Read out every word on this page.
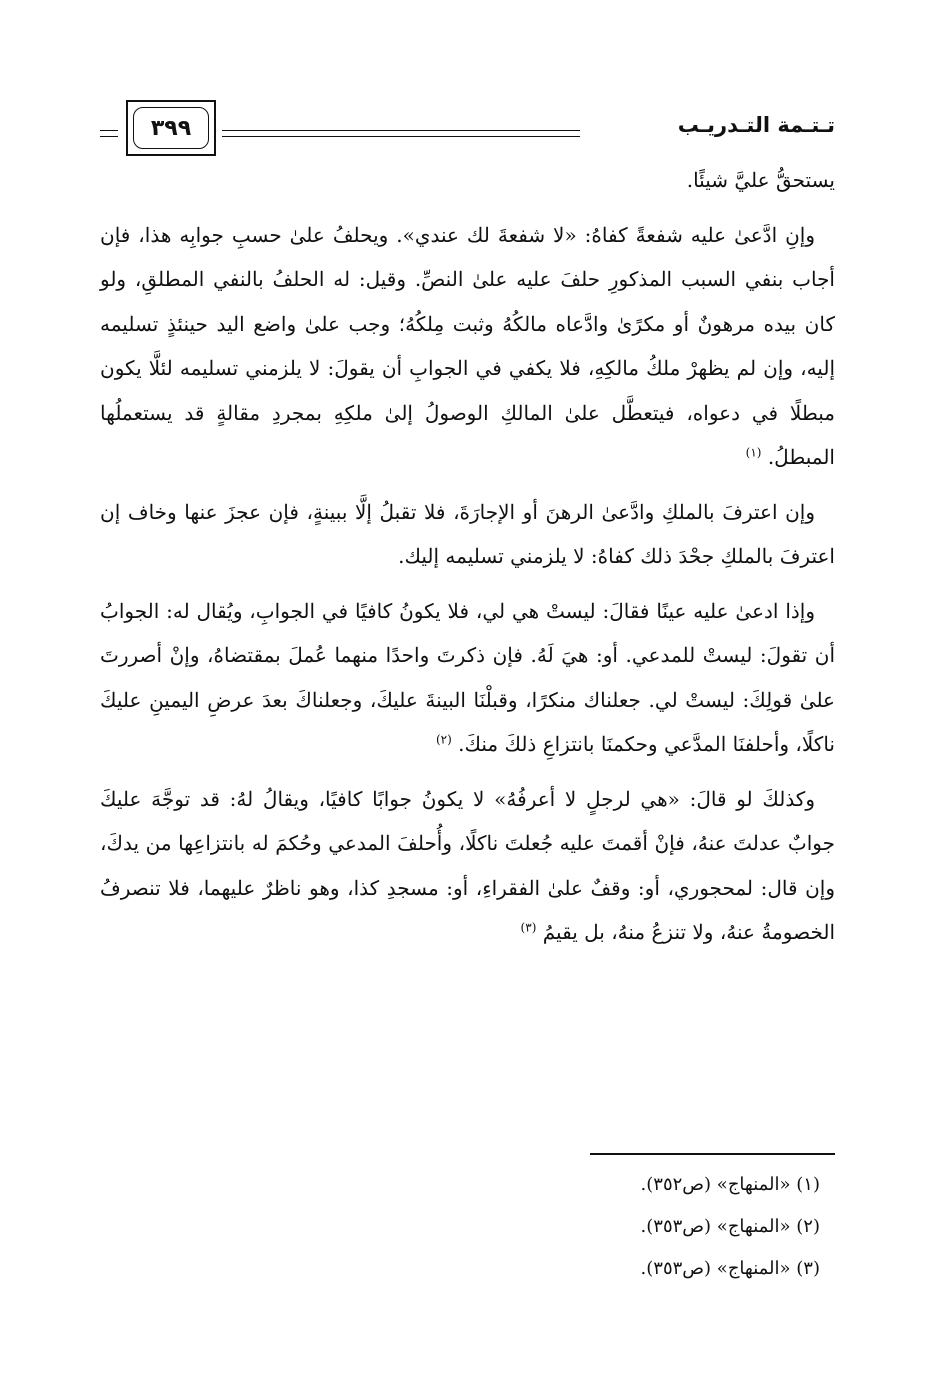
تـتـمة التـدريـب
٣٩٩

يستحقُّ عليَّ شيئًا.

وإنِ ادَّعىٰ عليه شفعةً كفاهُ: «لا شفعةَ لك عندي». ويحلفُ علىٰ حسبِ جوابِه هذا، فإن أجاب بنفي السبب المذكورِ حلفَ عليه علىٰ النصِّ. وقيل: له الحلفُ بالنفي المطلقِ، ولو كان بيده مرهونٌ أو مكرًىٰ وادَّعاه مالكُهُ وثبت مِلكُهُ؛ وجب علىٰ واضع اليد حينئذٍ تسليمه إليه، وإن لم يظهرْ ملكُ مالكِهِ، فلا يكفي في الجوابِ أن يقولَ: لا يلزمني تسليمه لئلَّا يكون مبطلًا في دعواه، فيتعطَّل علىٰ المالكِ الوصولُ إلىٰ ملكِهِ بمجردِ مقالةٍ قد يستعملُها المبطلُ. $^{(١)}$

وإن اعترفَ بالملكِ وادَّعىٰ الرهنَ أو الإجارَةَ، فلا تقبلُ إلَّا ببينةٍ، فإن عجزَ عنها وخاف إن اعترفَ بالملكِ جحْدَ ذلك كفاهُ: لا يلزمني تسليمه إليك.

وإذا ادعىٰ عليه عينًا فقالَ: ليستْ هي لي، فلا يكونُ كافيًا في الجوابِ، ويُقال له: الجوابُ أن تقولَ: ليستْ للمدعي. أو: هيَ لَهُ. فإن ذكرتَ واحدًا منهما عُملَ بمقتضاهُ، وإنْ أصررتَ علىٰ قولِكَ: ليستْ لي. جعلناك منكرًا، وقبلْنَا البينةَ عليكَ، وجعلناكَ بعدَ عرضِ اليمينِ عليكَ ناكلًا، وأحلفنَا المدَّعي وحكمنَا بانتزاعِ ذلكَ منكَ. $^{(٢)}$

وكذلكَ لو قالَ: «هي لرجلٍ لا أعرفُهُ» لا يكونُ جوابًا كافيًا، ويقالُ لهُ: قد توجَّهَ عليكَ جوابٌ عدلتَ عنهُ، فإنْ أقمتَ عليه جُعلتَ ناكلًا، وأُحلفَ المدعي وحُكمَ له بانتزاعِها من يدكَ، وإن قال: لمحجوري، أو: وقفٌ علىٰ الفقراءِ، أو: مسجدِ كذا، وهو ناظرٌ عليهما، فلا تنصرفُ الخصومةُ عنهُ، ولا تنزعُ منهُ، بل يقيمُ $^{(٣)}$

(١) «المنهاج» (ص٣٥٢).
(٢) «المنهاج» (ص٣٥٣).
(٣) «المنهاج» (ص٣٥٣).
